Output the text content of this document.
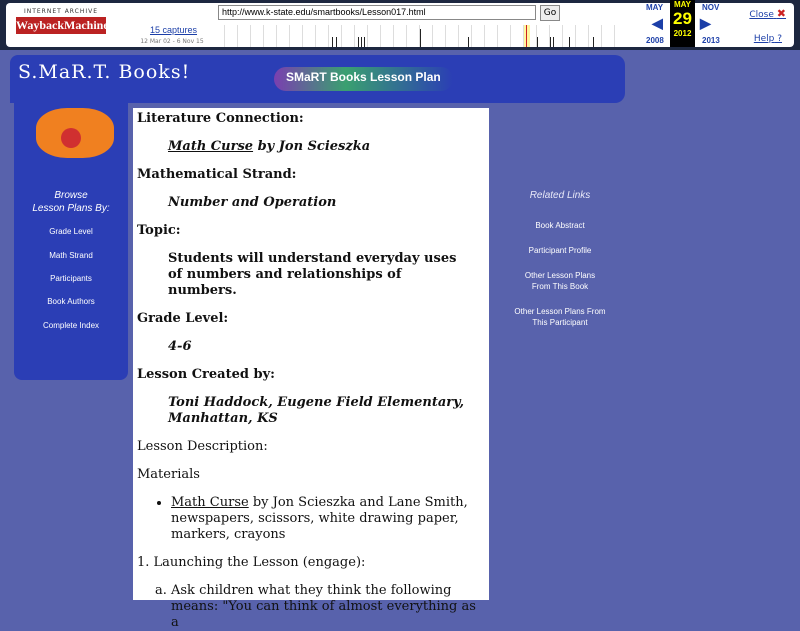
INTERNET ARCHIVE
WaybackMachine
http://www.k-state.edu/smartbooks/Lesson017.html	Go
15 captures
12 Mar 02 - 6 Nov 15
MAY	NOV
◀	▶
2008	2013
MAY
29
2012
Close ✖
Help ?
S.MaR.T. Books!	SMaRT Books Lesson Plan
Browse
Lesson Plans By:
Grade Level
Math Strand
Participants
Book Authors
Complete Index
Literature Connection:
Math Curse by Jon Scieszka
Mathematical Strand:
Number and Operation
Topic:
Students will understand everyday uses of numbers and relationships of numbers.
Grade Level:
4-6
Lesson Created by:
Toni Haddock, Eugene Field Elementary, Manhattan, KS

Lesson Description:

Materials

• Math Curse by Jon Scieszka and Lane Smith, newspapers, scissors, white drawing paper, markers, crayons

1. Launching the Lesson (engage):

a. Ask children what they think the following means: "You can think of almost everything as a
Related Links
Book Abstract
Participant Profile
Other Lesson Plans From This Book
Other Lesson Plans From This Participant
